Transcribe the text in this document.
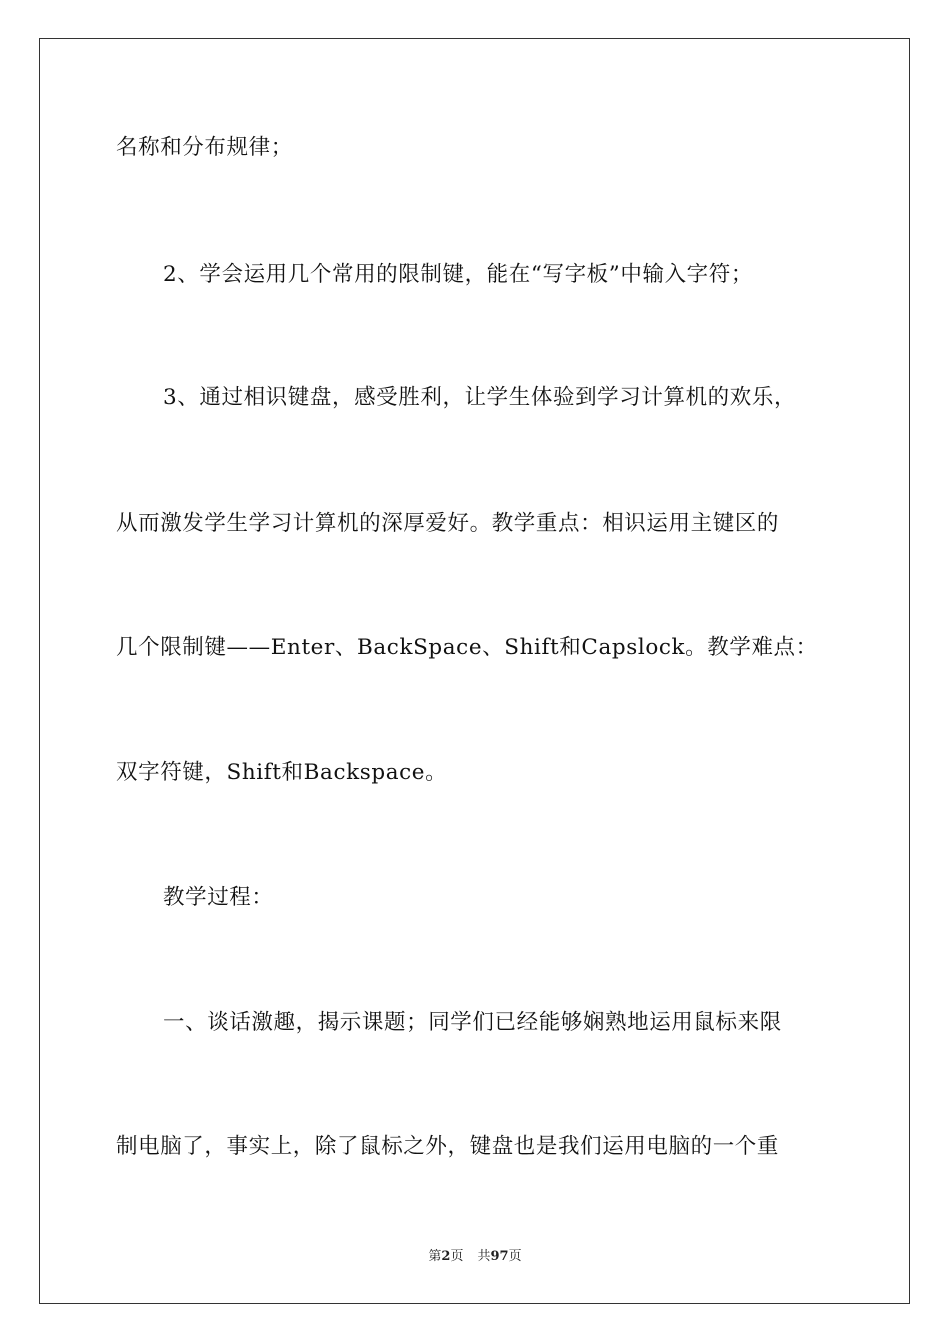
名称和分布规律；
2、学会运用几个常用的限制键，能在“写字板”中输入字符；
3、通过相识键盘，感受胜利，让学生体验到学习计算机的欢乐，
从而激发学生学习计算机的深厚爱好。教学重点：相识运用主键区的
几个限制键——Enter、BackSpace、Shift和Capslock。教学难点：
双字符键，Shift和Backspace。
教学过程：
一、谈话激趣，揭示课题；同学们已经能够娴熟地运用鼠标来限
制电脑了，事实上，除了鼠标之外，键盘也是我们运用电脑的一个重
第2页 共97页
